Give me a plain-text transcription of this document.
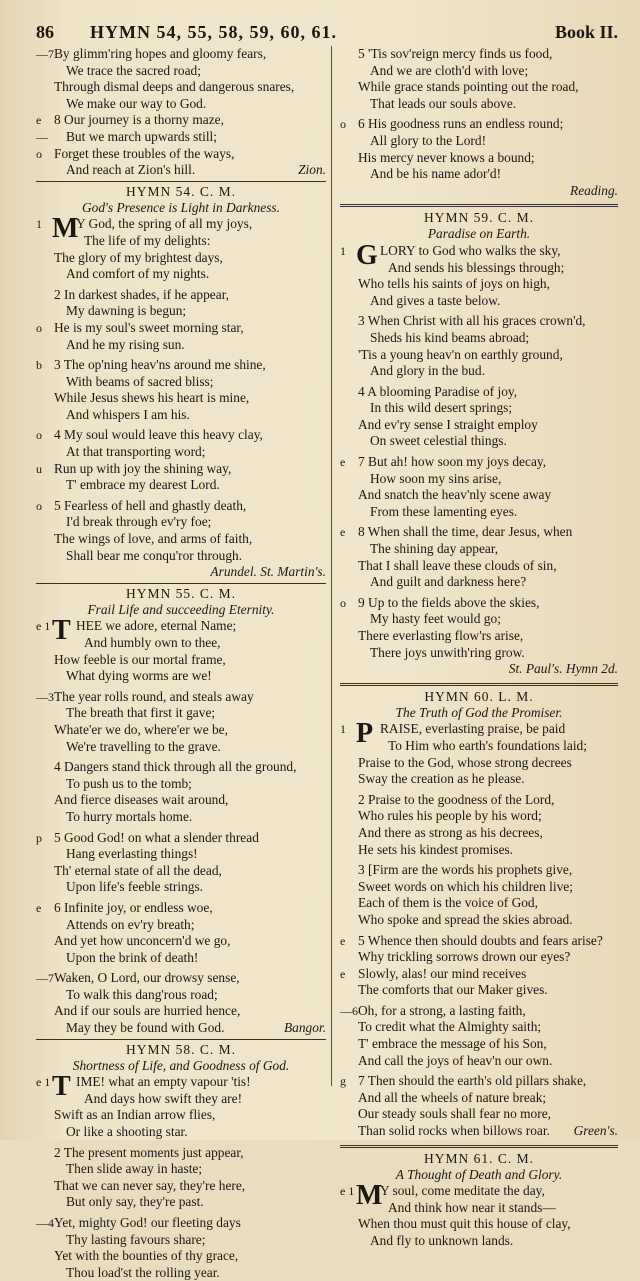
86 HYMN 54, 55, 58, 59, 60, 61.	Book II.
—7 By glimm'ring hopes and gloomy fears,
We trace the sacred road;
Through dismal deeps and dangerous snares,
We make our way to God.
e 8 Our journey is a thorny maze,
— But we march upwards still;
o Forget these troubles of the ways,
And reach at Zion's hill.	Zion.
HYMN 54. C. M.
God's Presence is Light in Darkness.
1 M
Y God, the spring of all my joys,
The life of my delights:
The glory of my brightest days,
And comfort of my nights.
2 In darkest shades, if he appear,
My dawning is begun;
o He is my soul's sweet morning star,
And he my rising sun.
b 3 The op'ning heav'ns around me shine,
With beams of sacred bliss;
While Jesus shews his heart is mine,
And whispers I am his.
o 4 My soul would leave this heavy clay,
At that transporting word;
u Run up with joy the shining way,
T' embrace my dearest Lord.
o 5 Fearless of hell and ghastly death,
I'd break through ev'ry foe;
The wings of love, and arms of faith,
Shall bear me conqu'ror through.
Arundel. St. Martin's.
HYMN 55. C. M.
Frail Life and succeeding Eternity.
e 1 T HEE we adore, eternal Name;
And humbly own to thee,
How feeble is our mortal frame,
What dying worms are we!
—3 The year rolls round, and steals away
The breath that first it gave;
Whate'er we do, where'er we be,
We're travelling to the grave.
4 Dangers stand thick through all the ground,
To push us to the tomb;
And fierce diseases wait around,
To hurry mortals home.
p 5 Good God! on what a slender thread
Hang everlasting things!
Th' eternal state of all the dead,
Upon life's feeble strings.
e 6 Infinite joy, or endless woe,
Attends on ev'ry breath;
And yet how unconcern'd we go,
Upon the brink of death!
—7 Waken, O Lord, our drowsy sense,
To walk this dang'rous road;
And if our souls are hurried hence,
May they be found with God.	Bangor.
HYMN 58. C. M.
Shortness of Life, and Goodness of God.
e 1 T IME! what an empty vapour 'tis!
And days how swift they are!
Swift as an Indian arrow flies,
Or like a shooting star.
2 The present moments just appear,
Then slide away in haste;
That we can never say, they're here,
But only say, they're past.
—4 Yet, mighty God! our fleeting days
Thy lasting favours share;
Yet with the bounties of thy grace,
Thou load'st the rolling year.
5 'Tis sov'reign mercy finds us food,
And we are cloth'd with love;
While grace stands pointing out the road,
That leads our souls above.
o 6 His goodness runs an endless round;
All glory to the Lord!
His mercy never knows a bound;
And be his name ador'd!
Reading.
HYMN 59. C. M.
Paradise on Earth.
1 G LORY to God who walks the sky,
And sends his blessings through;
Who tells his saints of joys on high,
And gives a taste below.
3 When Christ with all his graces crown'd,
Sheds his kind beams abroad;
'Tis a young heav'n on earthly ground,
And glory in the bud.
4 A blooming Paradise of joy,
In this wild desert springs;
And ev'ry sense I straight employ
On sweet celestial things.
e 7 But ah! how soon my joys decay,
How soon my sins arise,
And snatch the heav'nly scene away
From these lamenting eyes.
e 8 When shall the time, dear Jesus, when
The shining day appear,
That I shall leave these clouds of sin,
And guilt and darkness here?
o 9 Up to the fields above the skies,
My hasty feet would go;
There everlasting flow'rs arise,
There joys unwith'ring grow.
St. Paul's. Hymn 2d.
HYMN 60. L. M.
The Truth of God the Promiser.
1 P RAISE, everlasting praise, be paid
To Him who earth's foundations laid;
Praise to the God, whose strong decrees
Sway the creation as he please.
2 Praise to the goodness of the Lord,
Who rules his people by his word;
And there as strong as his decrees,
He sets his kindest promises.
3 [Firm are the words his prophets give,
Sweet words on which his children live;
Each of them is the voice of God,
Who spoke and spread the skies abroad.
e 5 Whence then should doubts and fears arise?
Why trickling sorrows drown our eyes?
e Slowly, alas! our mind receives
The comforts that our Maker gives.
—6 Oh, for a strong, a lasting faith,
To credit what the Almighty saith;
T' embrace the message of his Son,
And call the joys of heav'n our own.
g 7 Then should the earth's old pillars shake,
And all the wheels of nature break;
Our steady souls shall fear no more,
Than solid rocks when billows roar. Green's.
HYMN 61. C. M.
A Thought of Death and Glory.
e 1 M
Y soul, come meditate the day,
And think how near it stands—
When thou must quit this house of clay,
And fly to unknown lands.
